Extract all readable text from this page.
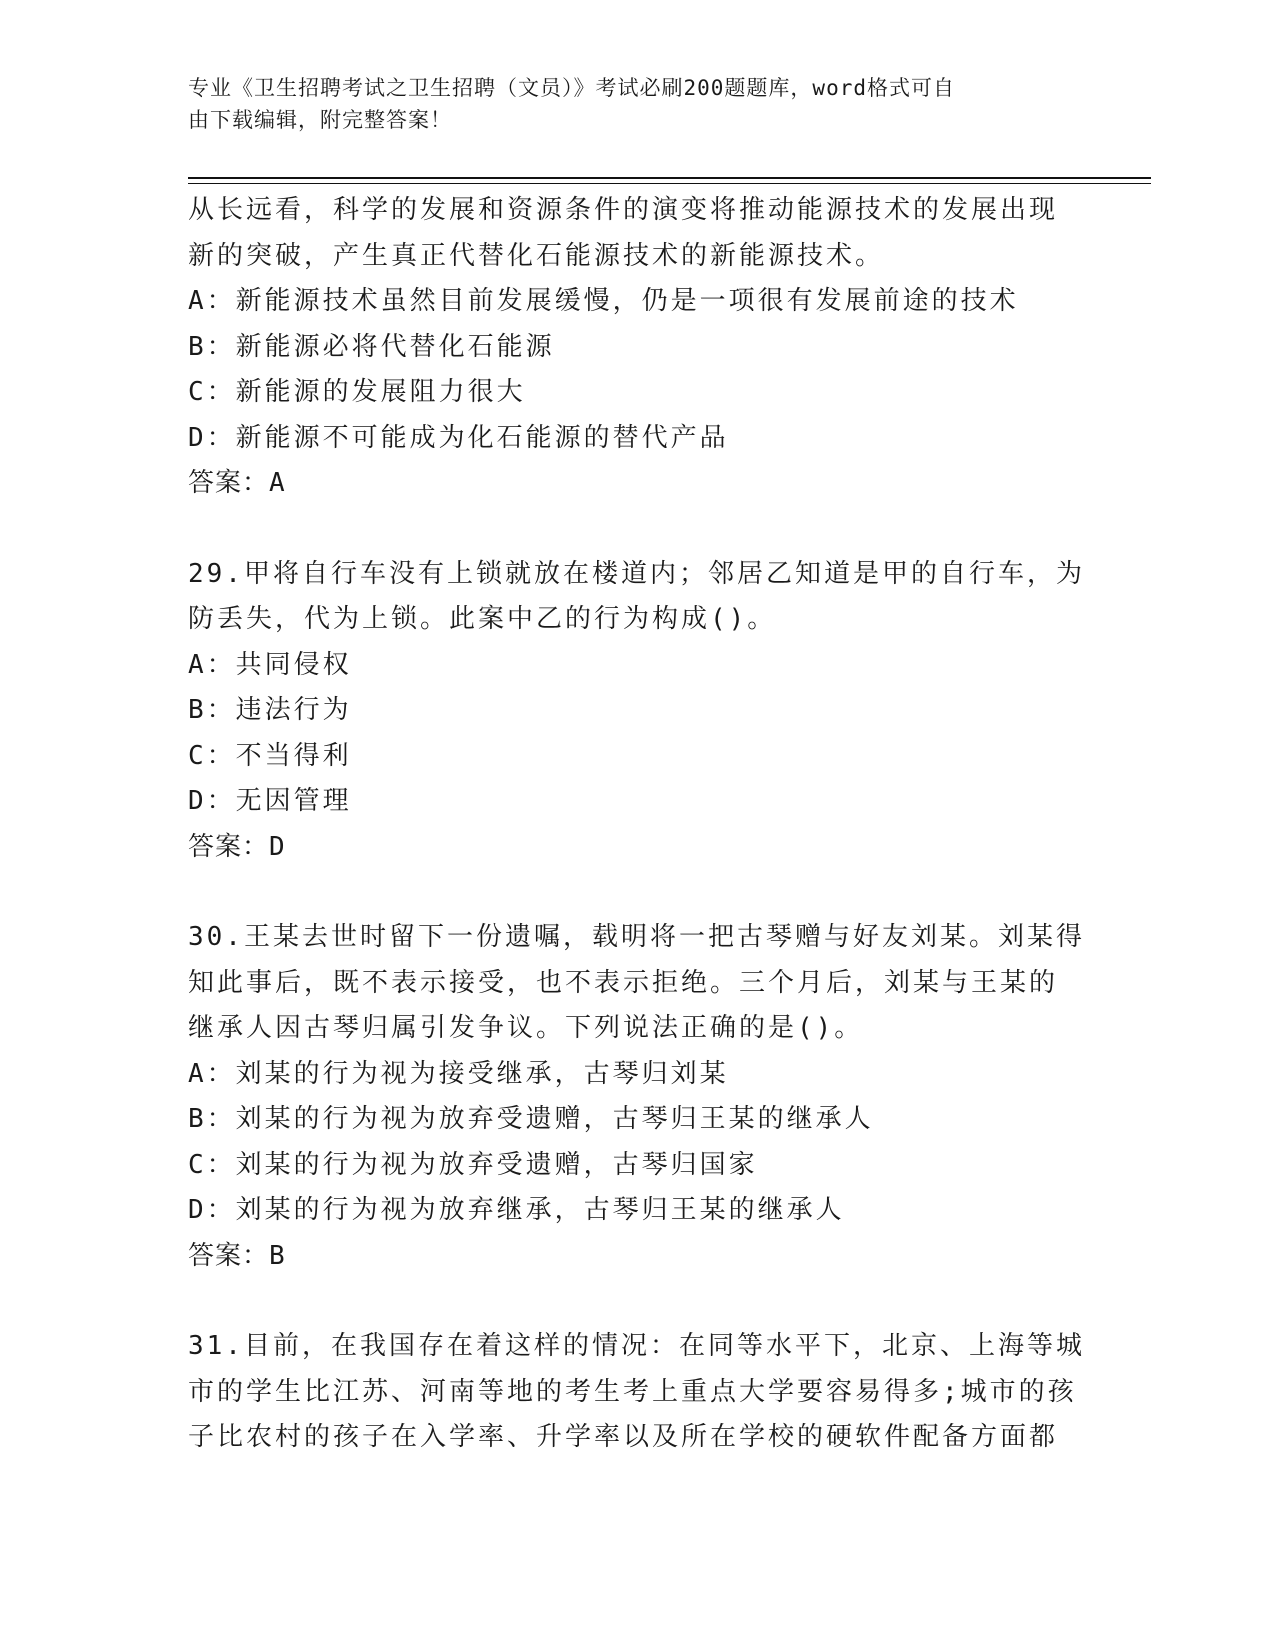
专业《卫生招聘考试之卫生招聘（文员）》考试必刷200题题库，word格式可自
由下载编辑，附完整答案！
从长远看，科学的发展和资源条件的演变将推动能源技术的发展出现
新的突破，产生真正代替化石能源技术的新能源技术。
A：新能源技术虽然目前发展缓慢，仍是一项很有发展前途的技术
B：新能源必将代替化石能源
C：新能源的发展阻力很大
D：新能源不可能成为化石能源的替代产品
答案：A
29.甲将自行车没有上锁就放在楼道内；邻居乙知道是甲的自行车，为
防丢失，代为上锁。此案中乙的行为构成()。
A：共同侵权
B：违法行为
C：不当得利
D：无因管理
答案：D
30.王某去世时留下一份遗嘱，载明将一把古琴赠与好友刘某。刘某得
知此事后，既不表示接受，也不表示拒绝。三个月后，刘某与王某的
继承人因古琴归属引发争议。下列说法正确的是()。
A：刘某的行为视为接受继承，古琴归刘某
B：刘某的行为视为放弃受遗赠，古琴归王某的继承人
C：刘某的行为视为放弃受遗赠，古琴归国家
D：刘某的行为视为放弃继承，古琴归王某的继承人
答案：B
31.目前，在我国存在着这样的情况：在同等水平下，北京、上海等城
市的学生比江苏、河南等地的考生考上重点大学要容易得多;城市的孩
子比农村的孩子在入学率、升学率以及所在学校的硬软件配备方面都
